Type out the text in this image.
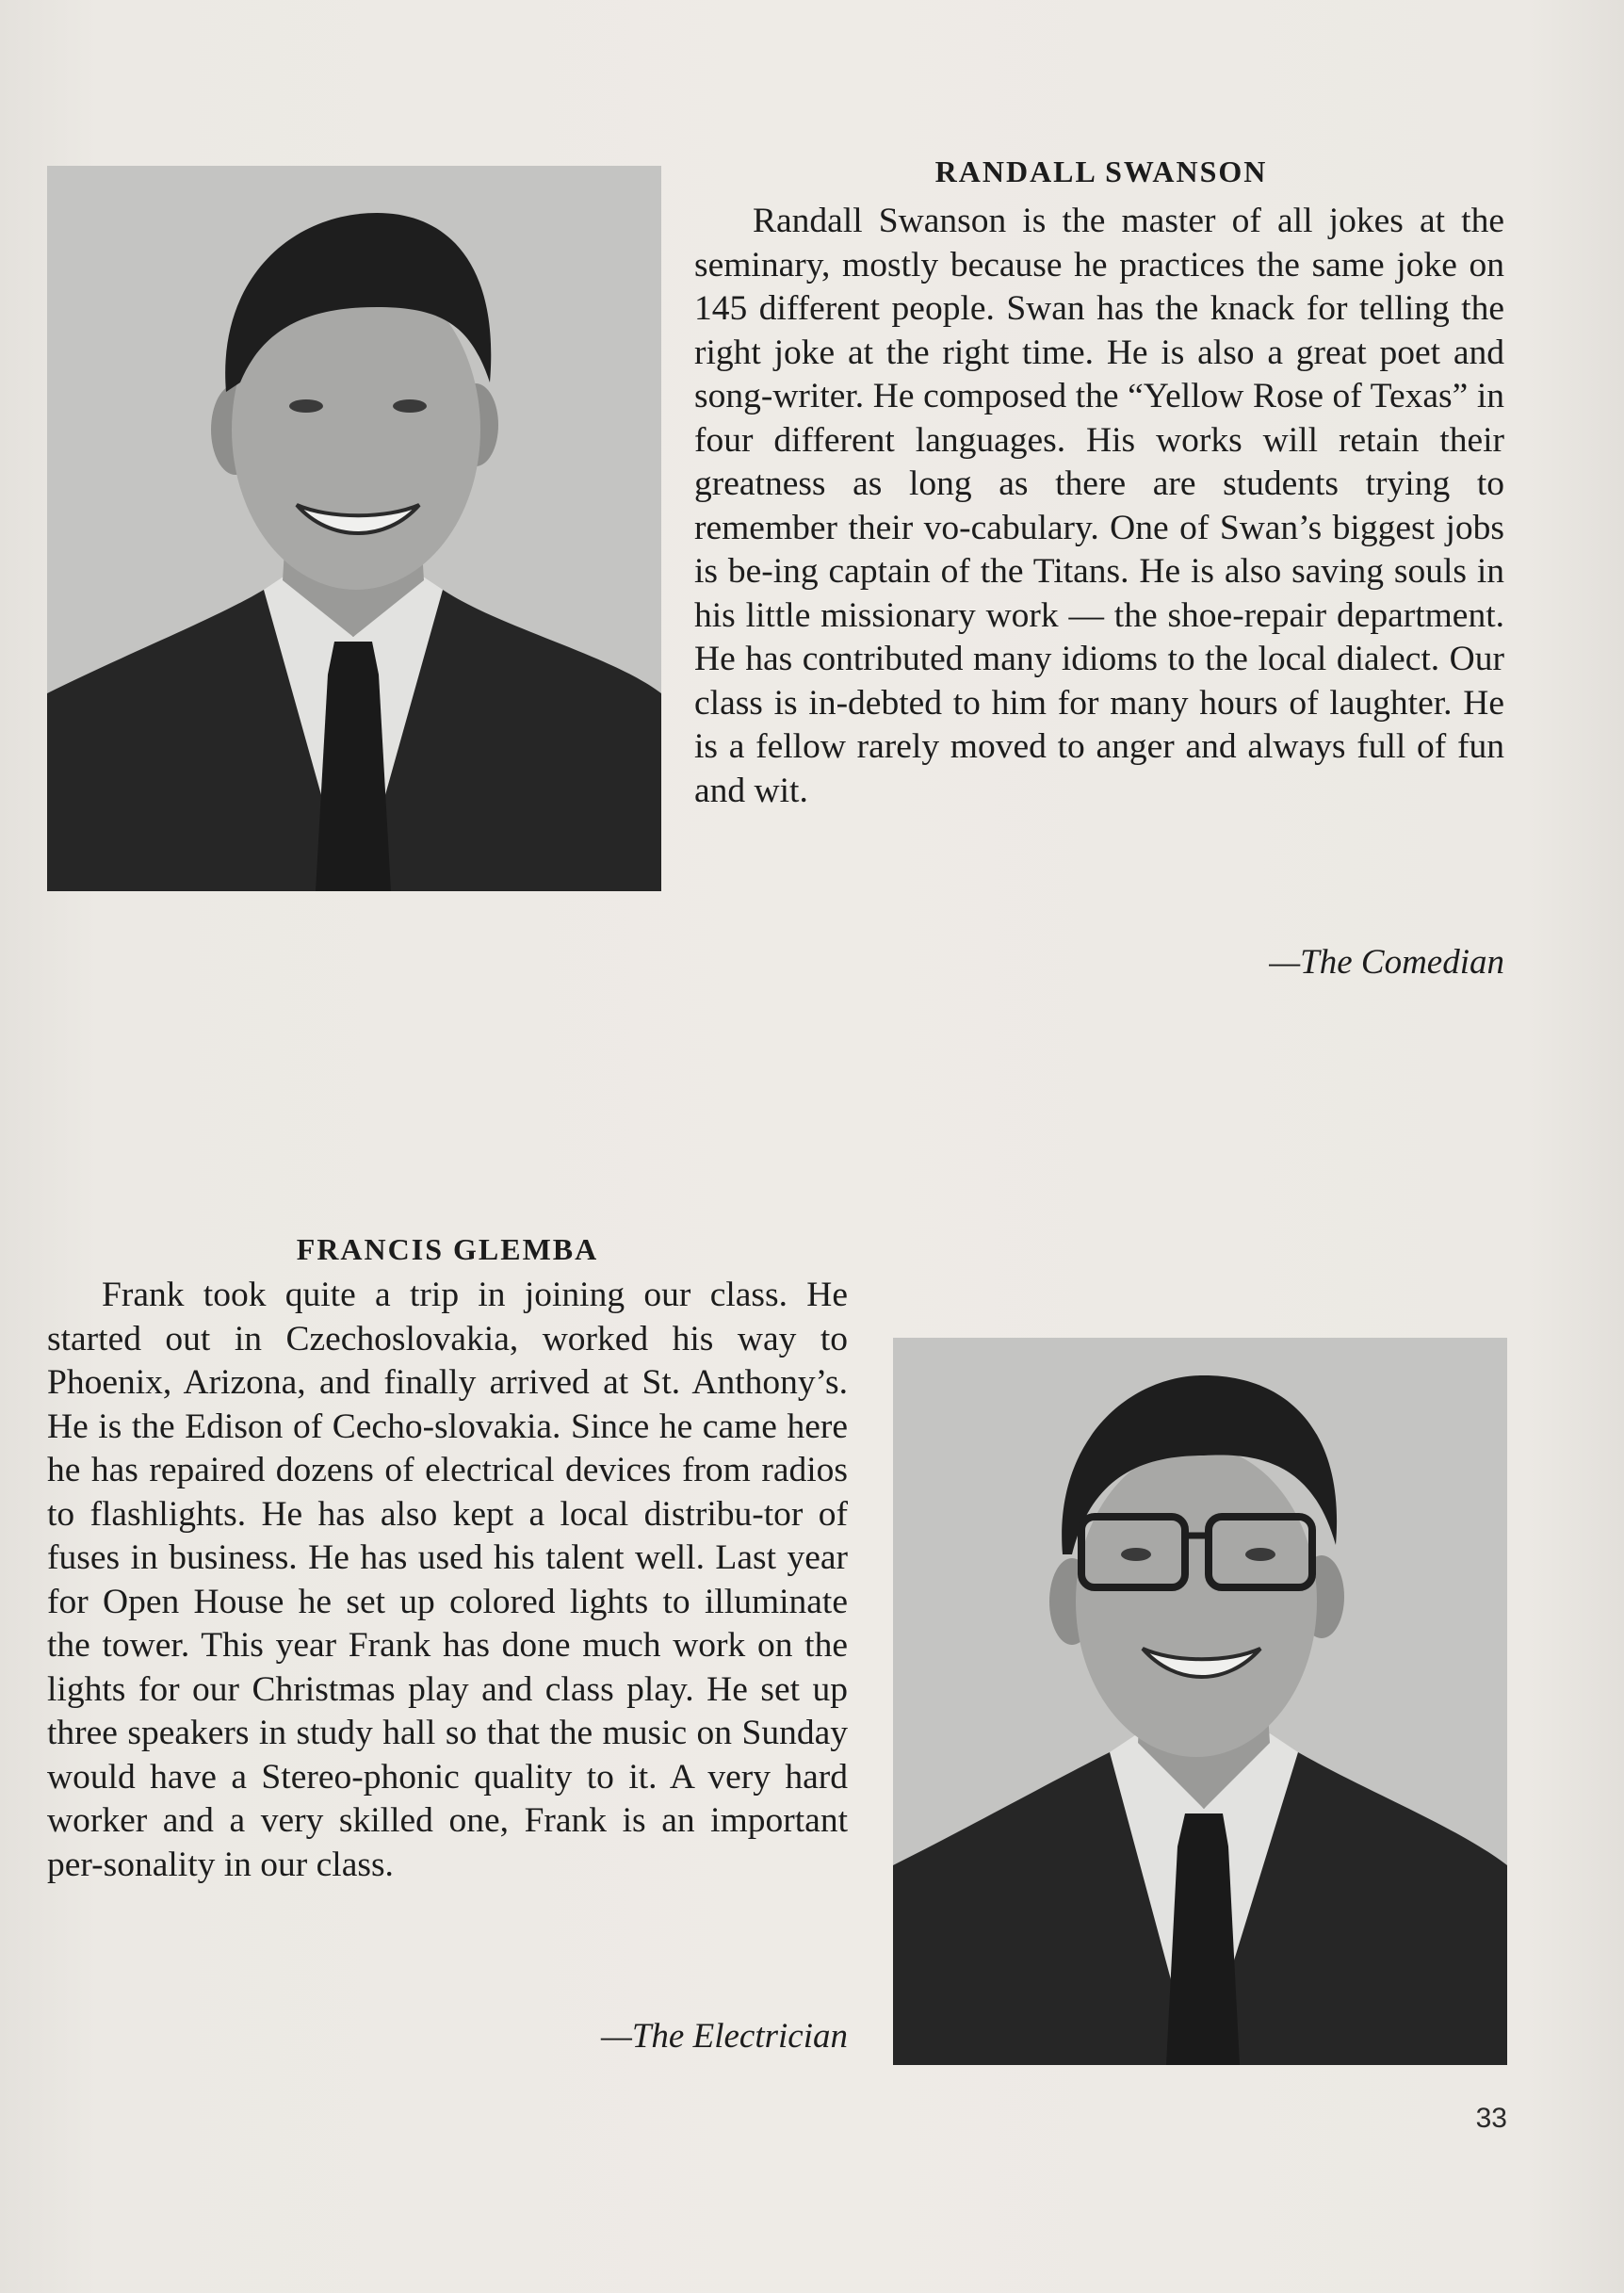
RANDALL SWANSON

Randall Swanson is the master of all jokes at the seminary, mostly because he practices the same joke on 145 different people. Swan has the knack for telling the right joke at the right time. He is also a great poet and song-writer. He composed the “Yellow Rose of Texas” in four different languages. His works will retain their greatness as long as there are students trying to remember their vo-cabulary. One of Swan’s biggest jobs is be-ing captain of the Titans. He is also saving souls in his little missionary work — the shoe-repair department. He has contributed many idioms to the local dialect. Our class is in-debted to him for many hours of laughter. He is a fellow rarely moved to anger and always full of fun and wit.

—The Comedian
FRANCIS GLEMBA

Frank took quite a trip in joining our class. He started out in Czechoslovakia, worked his way to Phoenix, Arizona, and finally arrived at St. Anthony’s. He is the Edison of Cecho-slovakia. Since he came here he has repaired dozens of electrical devices from radios to flashlights. He has also kept a local distribu-tor of fuses in business. He has used his talent well. Last year for Open House he set up colored lights to illuminate the tower. This year Frank has done much work on the lights for our Christmas play and class play. He set up three speakers in study hall so that the music on Sunday would have a Stereo-phonic quality to it. A very hard worker and a very skilled one, Frank is an important per-sonality in our class.

—The Electrician
33
